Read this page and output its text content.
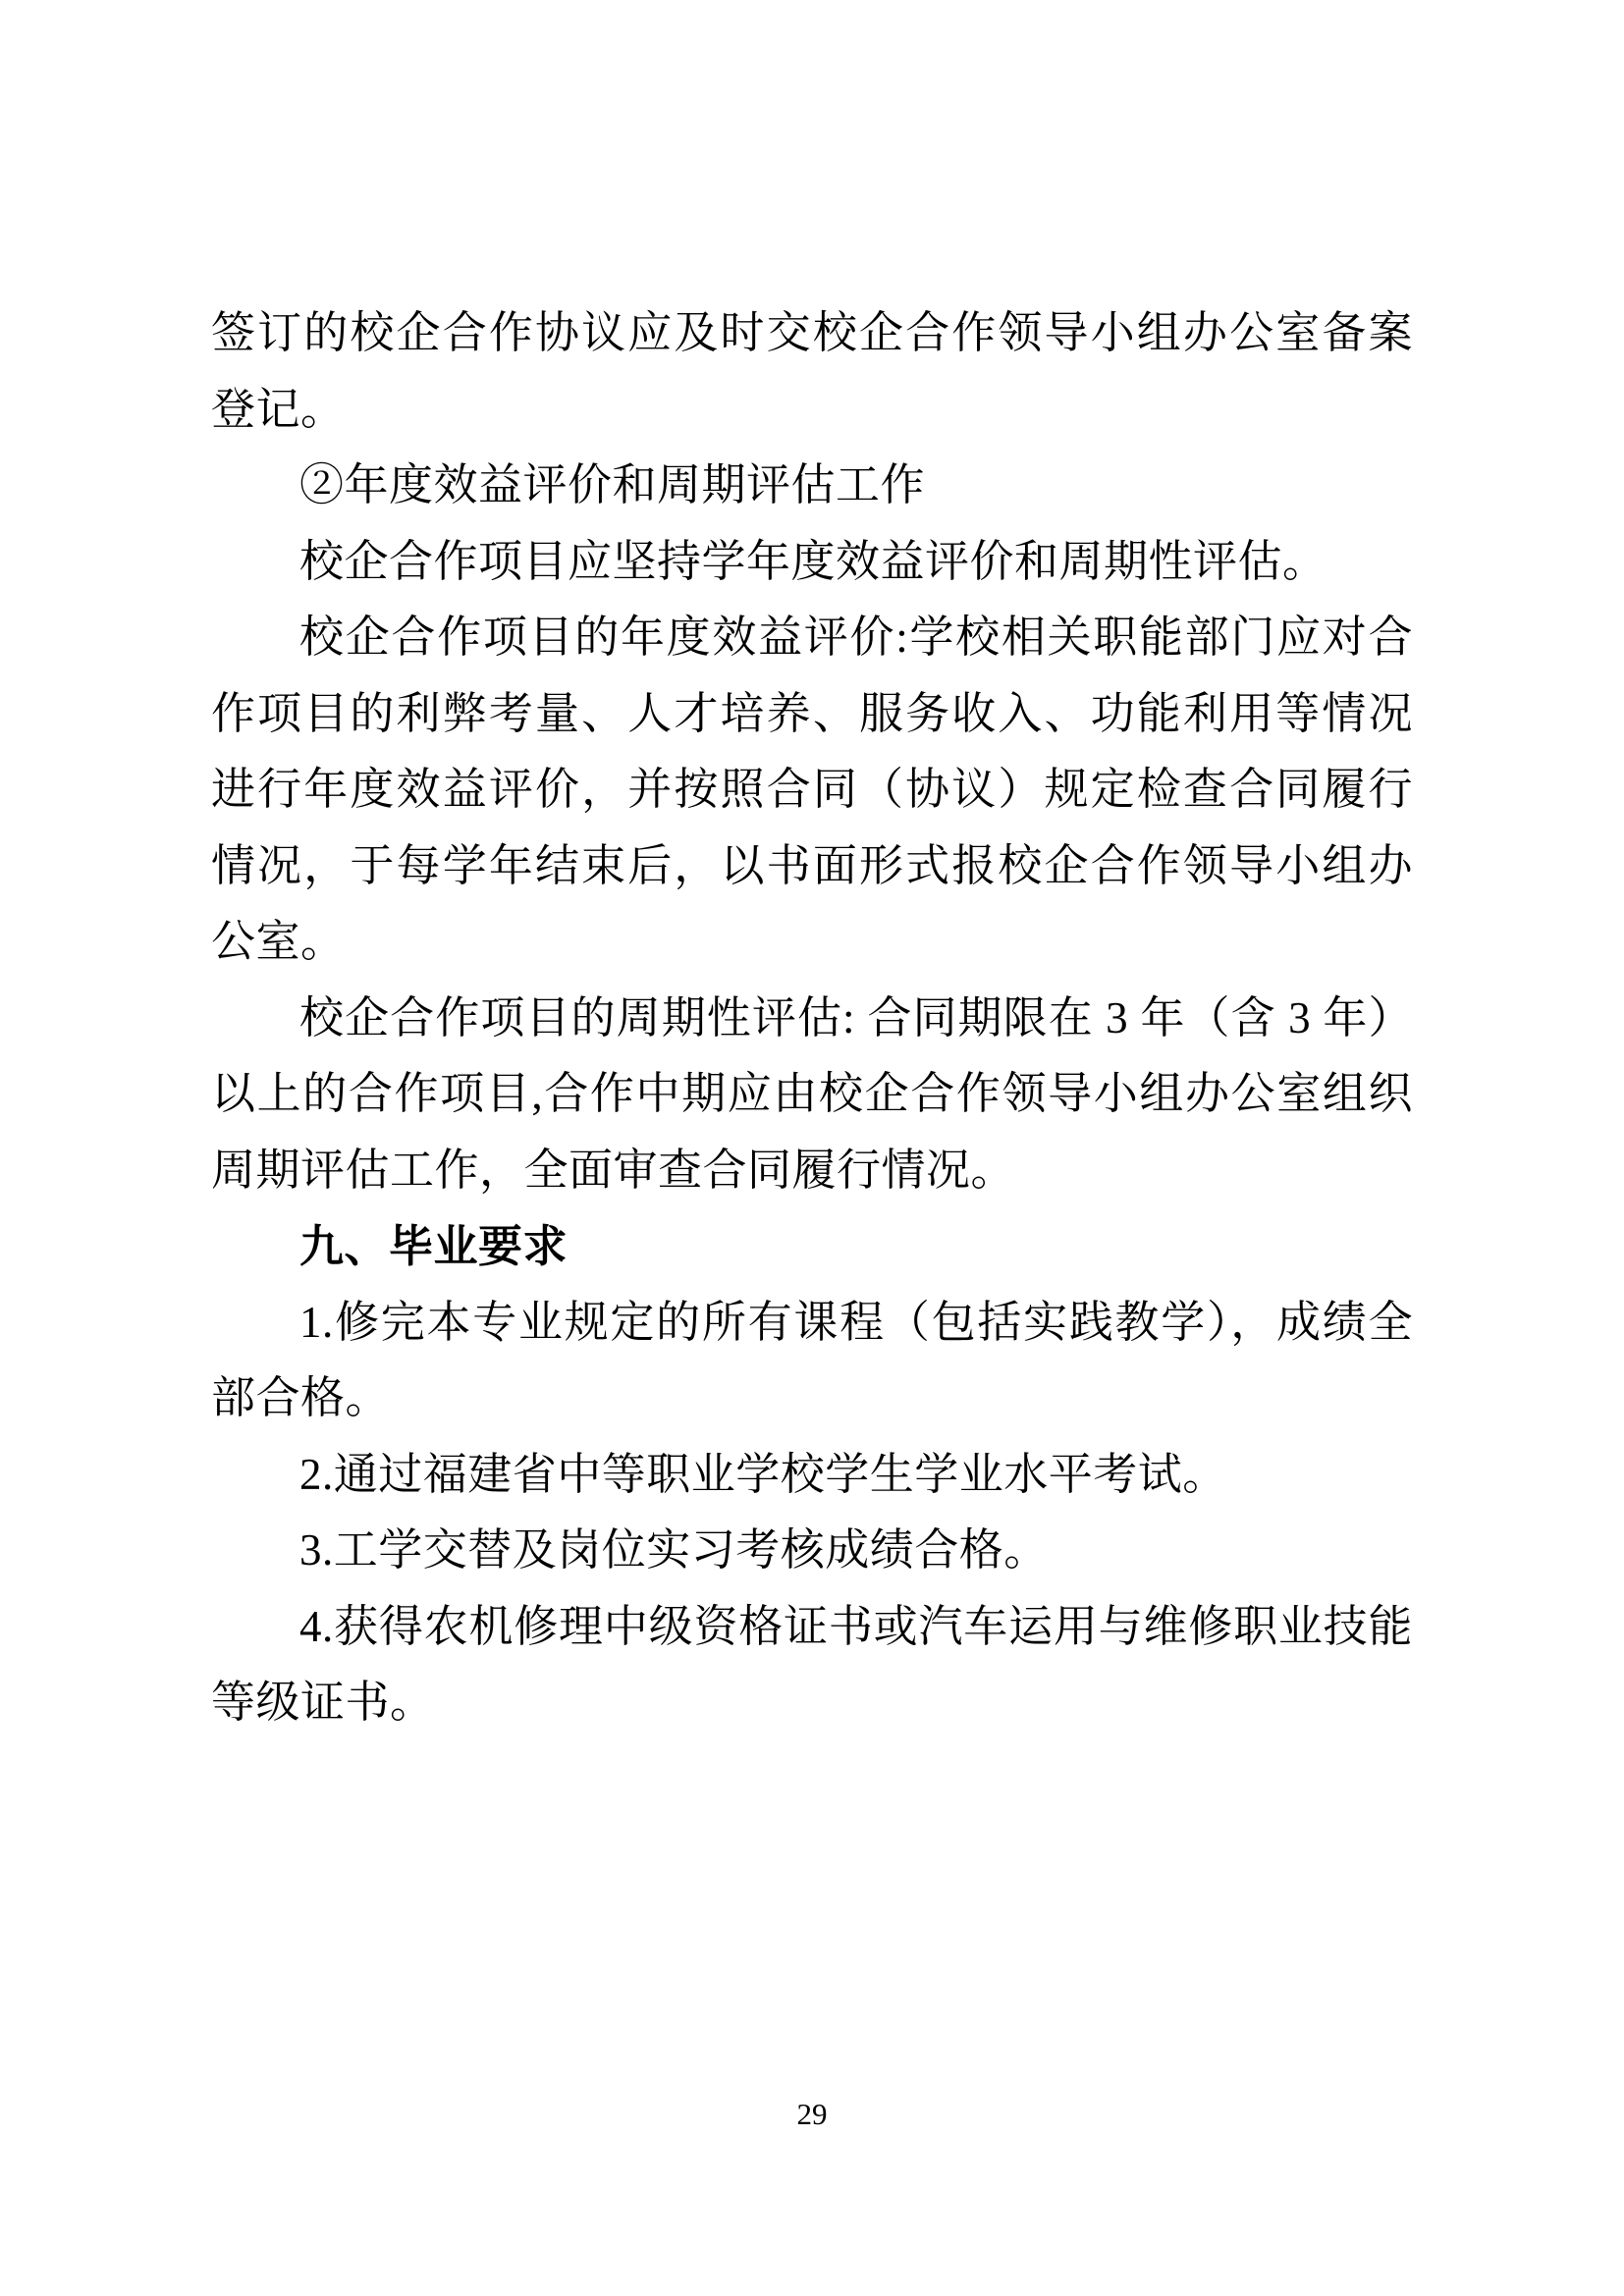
签订的校企合作协议应及时交校企合作领导小组办公室备案登记。

②年度效益评价和周期评估工作

校企合作项目应坚持学年度效益评价和周期性评估。

校企合作项目的年度效益评价:学校相关职能部门应对合作项目的利弊考量、人才培养、服务收入、功能利用等情况进行年度效益评价，并按照合同（协议）规定检查合同履行情况，于每学年结束后，以书面形式报校企合作领导小组办公室。

校企合作项目的周期性评估: 合同期限在 3 年（含 3 年）以上的合作项目,合作中期应由校企合作领导小组办公室组织周期评估工作，全面审查合同履行情况。

九、毕业要求

1.修完本专业规定的所有课程（包括实践教学），成绩全部合格。

2.通过福建省中等职业学校学生学业水平考试。

3.工学交替及岗位实习考核成绩合格。

4.获得农机修理中级资格证书或汽车运用与维修职业技能等级证书。

29
